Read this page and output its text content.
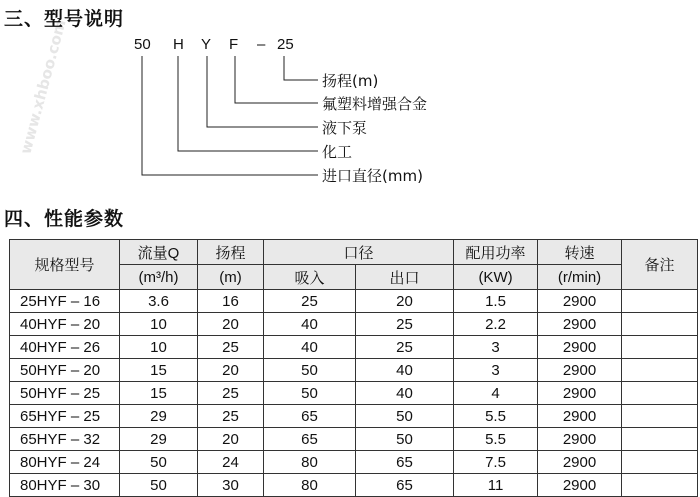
www.xhboo.com
三、型号说明
50 H Y F – 25
扬程(m)
氟塑料增强合金
液下泵
化工
进口直径(mm)
四、性能参数
规格型号	流量Q	扬程	口径		配用功率	转速	备注
	(m³/h)	(m)	吸入	出口	(KW)	(r/min)	
25HYF – 16	3.6	16	25	20	1.5	2900	
40HYF – 20	10	20	40	25	2.2	2900	
40HYF – 26	10	25	40	25	3	2900	
50HYF – 20	15	20	50	40	3	2900	
50HYF – 25	15	25	50	40	4	2900	
65HYF – 25	29	25	65	50	5.5	2900	
65HYF – 32	29	20	65	50	5.5	2900	
80HYF – 24	50	24	80	65	7.5	2900	
80HYF – 30	50	30	80	65	11	2900	
